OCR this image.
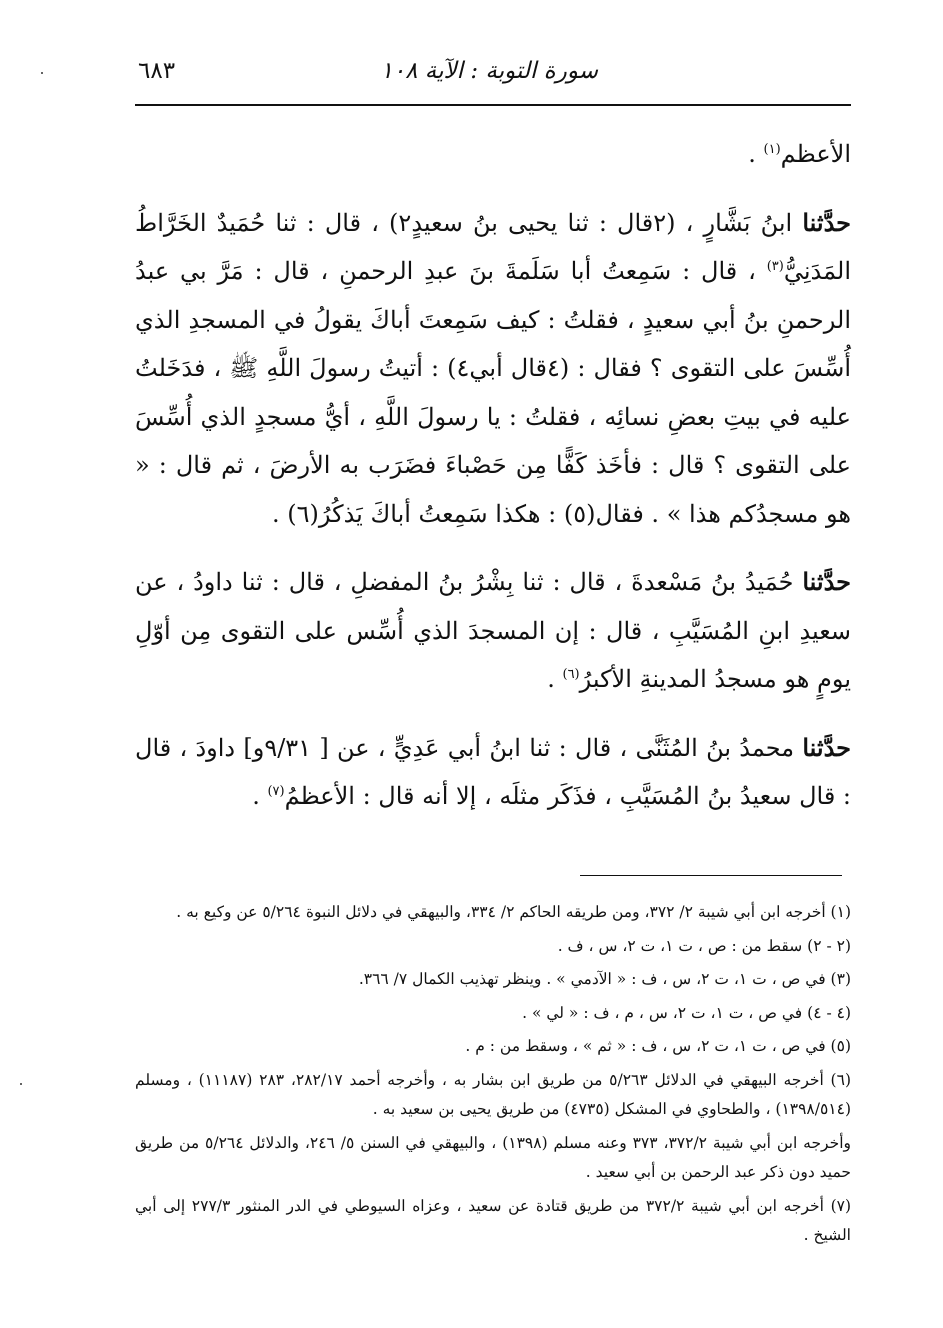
سورة التوبة : الآية ١٠٨
٦٨٣

الأعظم$^{(١)}$ .

حدَّثنا ابنُ بَشَّارٍ ، (٢قال : ثنا يحيى بنُ سعيدٍ٢) ، قال : ثنا حُمَيدٌ الخَرَّاطُ المَدَنِيُّ$^{(٣)}$ ، قال : سَمِعتُ أبا سَلَمةَ بنَ عبدِ الرحمنِ ، قال : مَرَّ بي عبدُ الرحمنِ بنُ أبي سعيدٍ ، فقلتُ : كيف سَمِعتَ أباكَ يقولُ في المسجدِ الذي أُسِّسَ على التقوى ؟ فقال : (٤قال أبي٤) : أتيتُ رسولَ اللَّهِ ﷺ ، فدَخَلتُ عليه في بيتِ بعضِ نسائِه ، فقلتُ : يا رسولَ اللَّهِ ، أيُّ مسجدٍ الذي أُسِّسَ على التقوى ؟ قال : فأخَذ كَفًّا مِن حَصْباءَ فضَرَب به الأرضَ ، ثم قال : « هو مسجدُكم هذا » . فقال(٥) : هكذا سَمِعتُ أباكَ يَذكُرُ(٦) .

حدَّثنا حُمَيدُ بنُ مَسْعدةَ ، قال : ثنا بِشْرُ بنُ المفضلِ ، قال : ثنا داودُ ، عن سعيدِ ابنِ المُسَيَّبِ ، قال : إن المسجدَ الذي أُسِّس على التقوى مِن أوّلِ يومٍ هو مسجدُ المدينةِ الأكبرُ$^{(٦)}$ .

حدَّثنا محمدُ بنُ المُثَنَّى ، قال : ثنا ابنُ أبي عَدِيٍّ ، عن [ ٩/٣١و] داودَ ، قال : قال سعيدُ بنُ المُسَيَّبِ ، فذَكَر مثلَه ، إلا أنه قال : الأعظمُ$^{(٧)}$ .

(١) أخرجه ابن أبي شيبة ٢/ ٣٧٢، ومن طريقه الحاكم ٢/ ٣٣٤، والبيهقي في دلائل النبوة ٥/٢٦٤ عن وكيع به .

(٢ - ٢) سقط من : ص ، ت ١، ت ٢، س ، ف .

(٣) في ص ، ت ١، ت ٢، س ، ف : « الآدمي » . وينظر تهذيب الكمال ٧/ ٣٦٦.

(٤ - ٤) في ص ، ت ١، ت ٢، س ، م ، ف : « لي » .

(٥) في ص ، ت ١، ت ٢، س ، ف : « ثم » ، وسقط من : م .

(٦) أخرجه البيهقي في الدلائل ٥/٢٦٣ من طريق ابن بشار به ، وأخرجه أحمد ٢٨٢/١٧، ٢٨٣ (١١١٨٧) ، ومسلم (١٣٩٨/٥١٤) ، والطحاوي في المشكل (٤٧٣٥) من طريق يحيى بن سعيد به .

وأخرجه ابن أبي شيبة ٣٧٢/٢، ٣٧٣ وعنه مسلم (١٣٩٨) ، والبيهقي في السنن ٥/ ٢٤٦، والدلائل ٥/٢٦٤ من طريق حميد دون ذكر عبد الرحمن بن أبي سعيد .

(٧) أخرجه ابن أبي شيبة ٣٧٢/٢ من طريق قتادة عن سعيد ، وعزاه السيوطي في الدر المنثور ٢٧٧/٣ إلى أبي الشيخ .
